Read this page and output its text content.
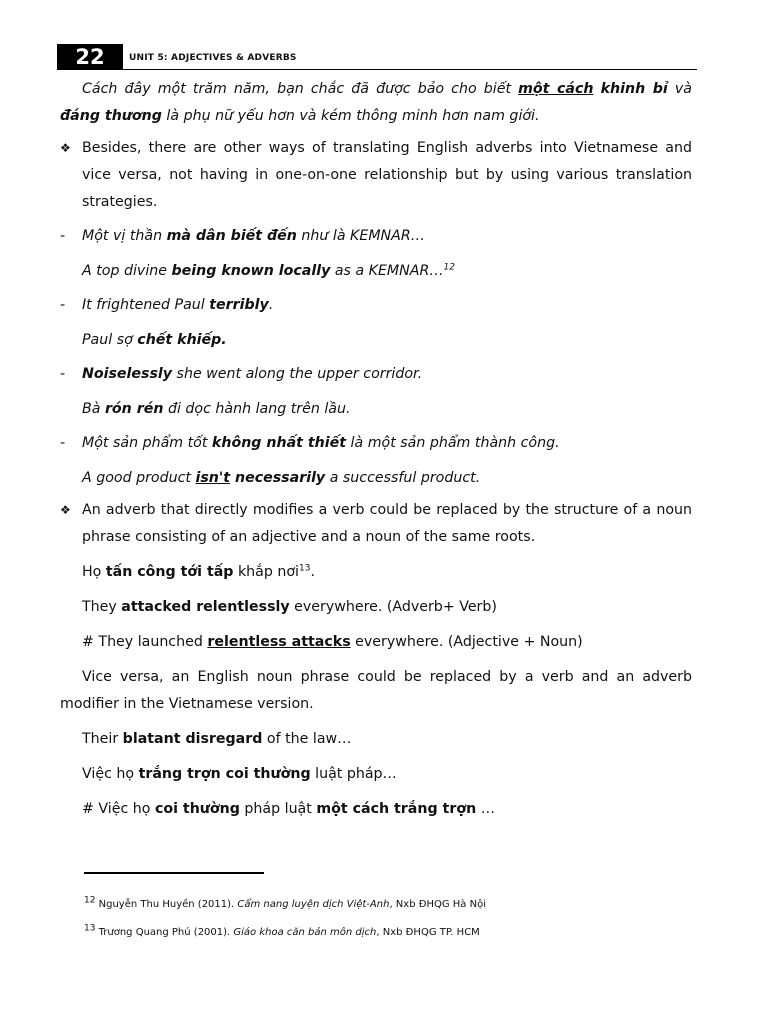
22	UNIT 5: ADJECTIVES & ADVERBS

Cách đây một trăm năm, bạn chắc đã được bảo cho biết một cách khinh bỉ và đáng thương là phụ nữ yếu hơn và kém thông minh hơn nam giới.

❖ Besides, there are other ways of translating English adverbs into Vietnamese and vice versa, not having in one-on-one relationship but by using various translation strategies.

- Một vị thần mà dân biết đến như là KEMNAR…

A top divine being known locally as a KEMNAR…$^{12}$

- It frightened Paul terribly.

Paul sợ chết khiếp.

- Noiselessly she went along the upper corridor.

Bà rón rén đi dọc hành lang trên lầu.

- Một sản phẩm tốt không nhất thiết là một sản phẩm thành công.

A good product isn't necessarily a successful product.

❖ An adverb that directly modifies a verb could be replaced by the structure of a noun phrase consisting of an adjective and a noun of the same roots.

Họ tấn công tới tấp khắp nơi$^{13}$.

They attacked relentlessly everywhere. (Adverb+ Verb)

# They launched relentless attacks everywhere. (Adjective + Noun)

Vice versa, an English noun phrase could be replaced by a verb and an adverb modifier in the Vietnamese version.

Their blatant disregard of the law…

Việc họ trắng trợn coi thường luật pháp…

# Việc họ coi thường pháp luật một cách trắng trợn …

$^{12}$ Nguyễn Thu Huyền (2011). Cẩm nang luyện dịch Việt-Anh, Nxb ĐHQG Hà Nội

$^{13}$ Trương Quang Phú (2001). Giáo khoa căn bản môn dịch, Nxb ĐHQG TP. HCM
